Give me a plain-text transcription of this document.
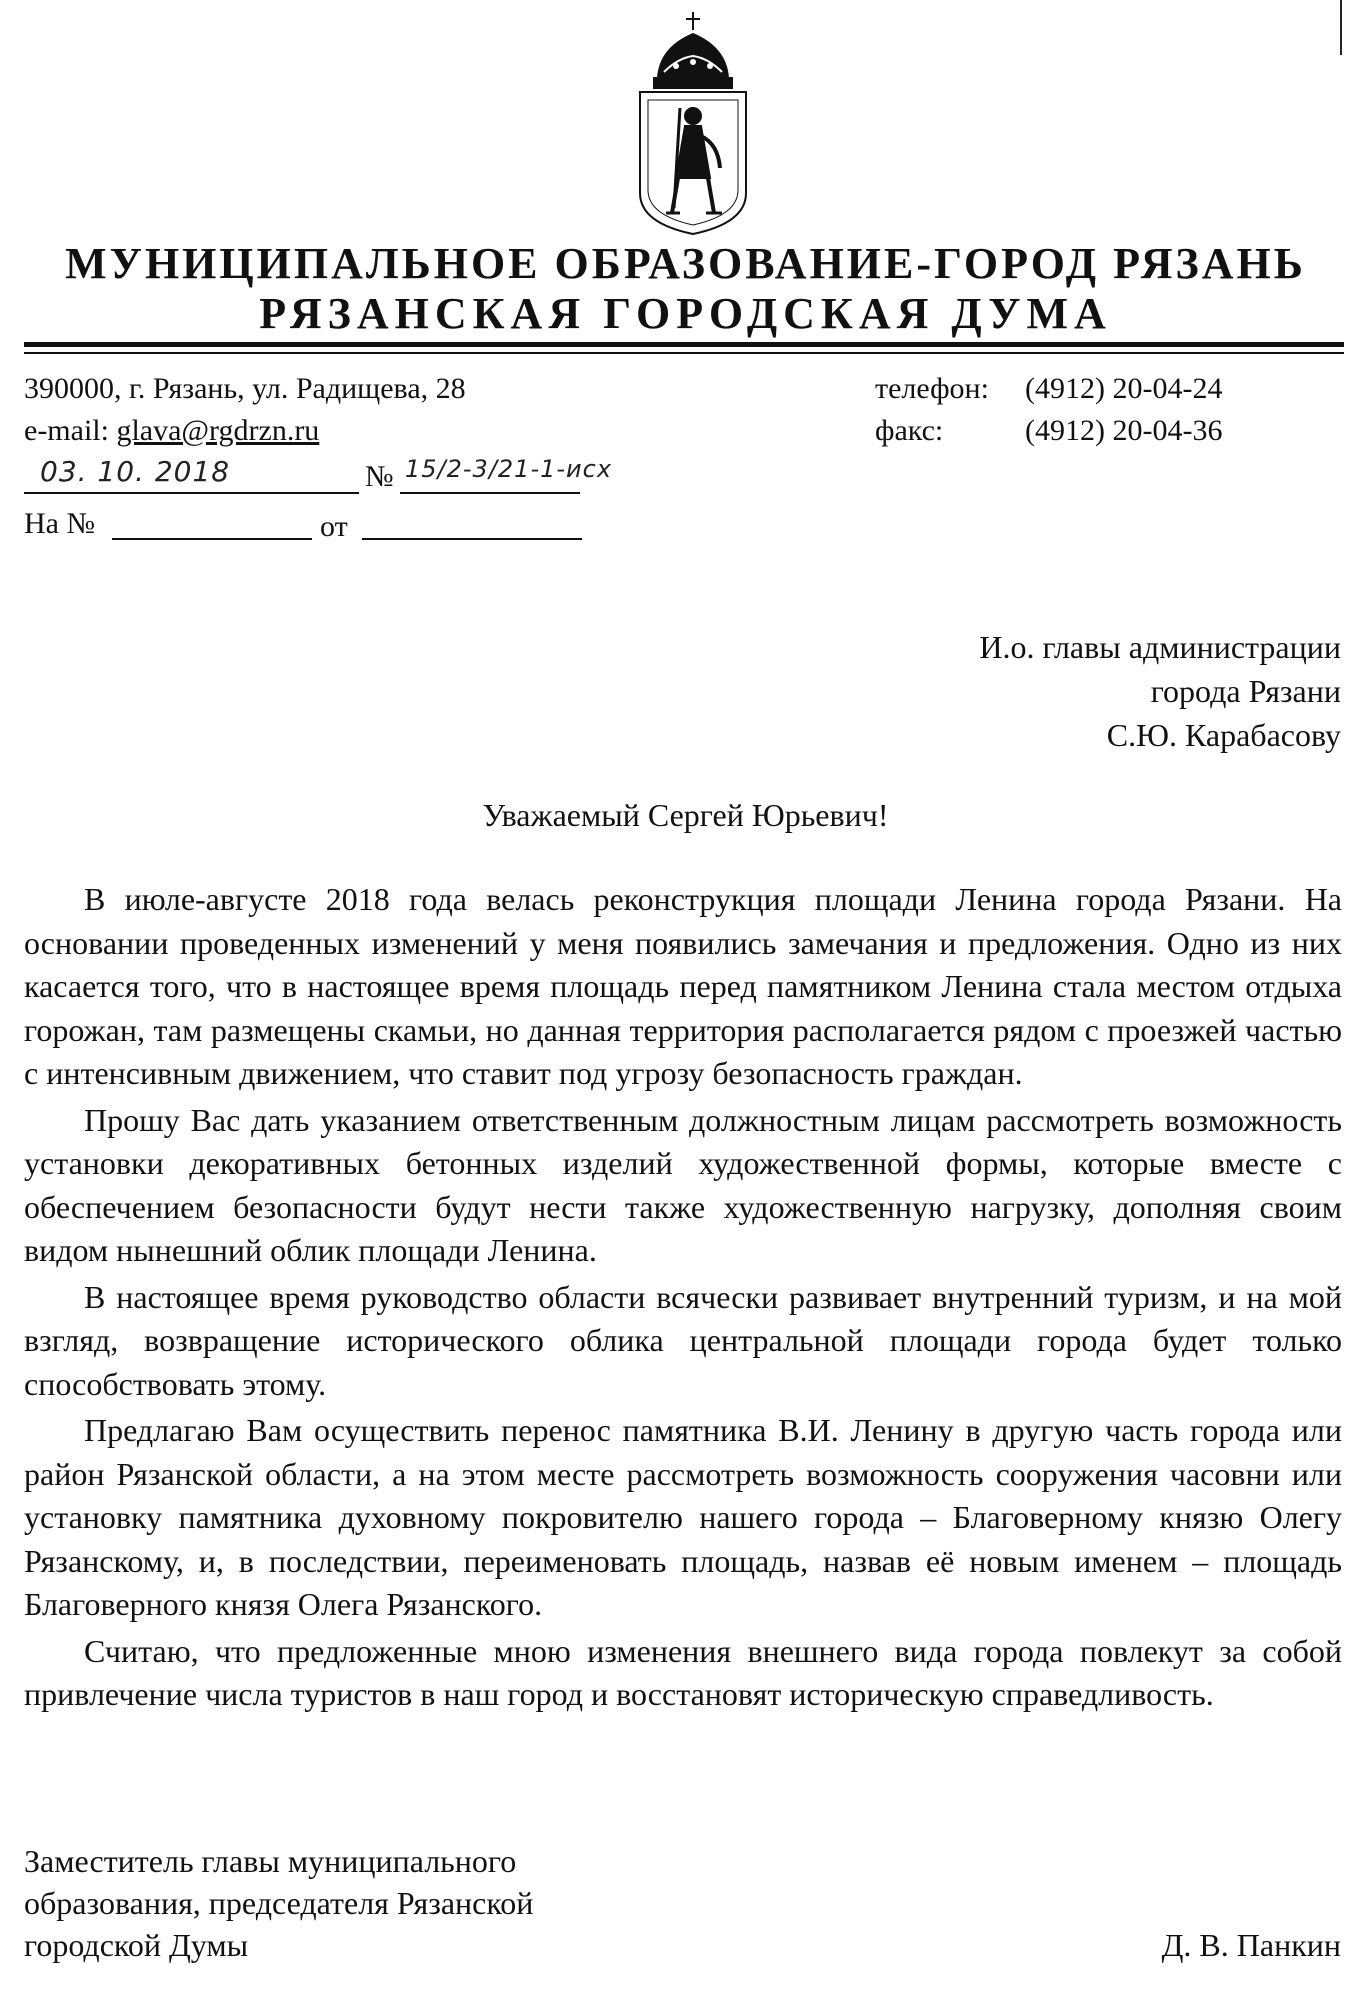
МУНИЦИПАЛЬНОЕ ОБРАЗОВАНИЕ-ГОРОД РЯЗАНЬ
РЯЗАНСКАЯ ГОРОДСКАЯ ДУМА
390000, г. Рязань, ул. Радищева, 28
e-mail: glava@rgdrzn.ru
телефон: (4912) 20-04-24
факс:	(4912) 20-04-36
03. 10. 2018	№ 15/2-3/21-1-исх
На №	от
И.о. главы администрации
города Рязани
С.Ю. Карабасову
Уважаемый Сергей Юрьевич!

В июле-августе 2018 года велась реконструкция площади Ленина города Рязани. На основании проведенных изменений у меня появились замечания и предложения. Одно из них касается того, что в настоящее время площадь перед памятником Ленина стала местом отдыха горожан, там размещены скамьи, но данная территория располагается рядом с проезжей частью с интенсивным движением, что ставит под угрозу безопасность граждан.

Прошу Вас дать указанием ответственным должностным лицам рассмотреть возможность установки декоративных бетонных изделий художественной формы, которые вместе с обеспечением безопасности будут нести также художественную нагрузку, дополняя своим видом нынешний облик площади Ленина.

В настоящее время руководство области всячески развивает внутренний туризм, и на мой взгляд, возвращение исторического облика центральной площади города будет только способствовать этому.

Предлагаю Вам осуществить перенос памятника В.И. Ленину в другую часть города или район Рязанской области, а на этом месте рассмотреть возможность сооружения часовни или установку памятника духовному покровителю нашего города – Благоверному князю Олегу Рязанскому, и, в последствии, переименовать площадь, назвав её новым именем – площадь Благоверного князя Олега Рязанского.

Считаю, что предложенные мною изменения внешнего вида города повлекут за собой привлечение числа туристов в наш город и восстановят историческую справедливость.

Заместитель главы муниципального
образования, председателя Рязанской
городской Думы	Д. В. Панкин
